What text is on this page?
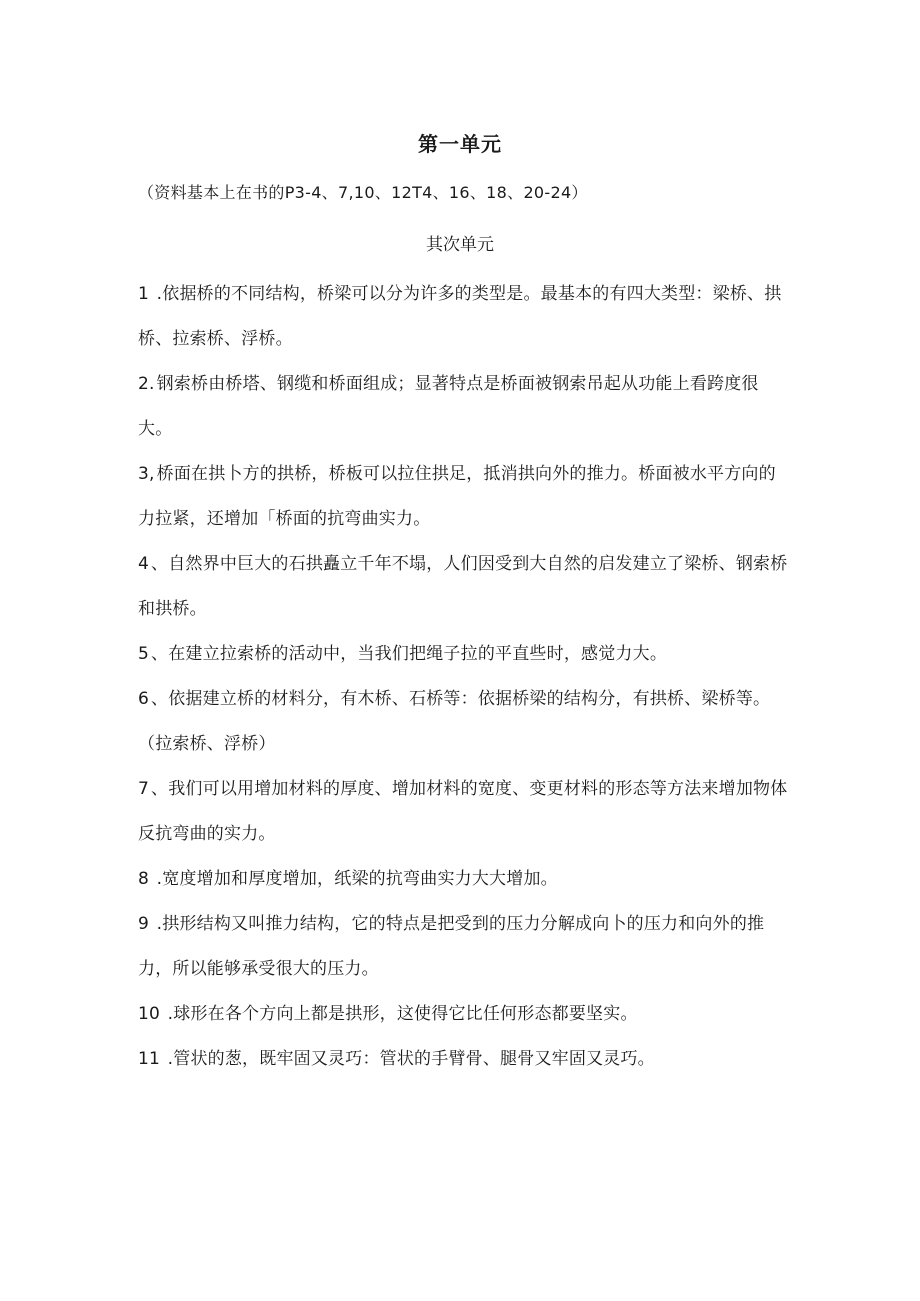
第一单元
（资料基本上在书的P3-4、7,10、12T4、16、18、20-24）
其次单元

1 .依据桥的不同结构，桥梁可以分为许多的类型是。最基本的有四大类型：梁桥、拱桥、拉索桥、浮桥。

2. 钢索桥由桥塔、钢缆和桥面组成；显著特点是桥面被钢索吊起从功能上看跨度很大。

3, 桥面在拱卜方的拱桥，桥板可以拉住拱足，抵消拱向外的推力。桥面被水平方向的力拉紧，还增加「桥面的抗弯曲实力。

4 、自然界中巨大的石拱矗立千年不塌，人们因受到大自然的启发建立了梁桥、钢索桥和拱桥。

5 、在建立拉索桥的活动中，当我们把绳子拉的平直些时，感觉力大。

6 、依据建立桥的材料分，有木桥、石桥等：依据桥梁的结构分，有拱桥、梁桥等。（拉索桥、浮桥）

7 、我们可以用增加材料的厚度、增加材料的宽度、变更材料的形态等方法来增加物体反抗弯曲的实力。

8 .宽度增加和厚度增加，纸梁的抗弯曲实力大大增加。

9 .拱形结构又叫推力结构，它的特点是把受到的压力分解成向卜的压力和向外的推力，所以能够承受很大的压力。

10 .球形在各个方向上都是拱形，这使得它比任何形态都要坚实。

11 .管状的葱，既牢固又灵巧：管状的手臂骨、腿骨又牢固又灵巧。
